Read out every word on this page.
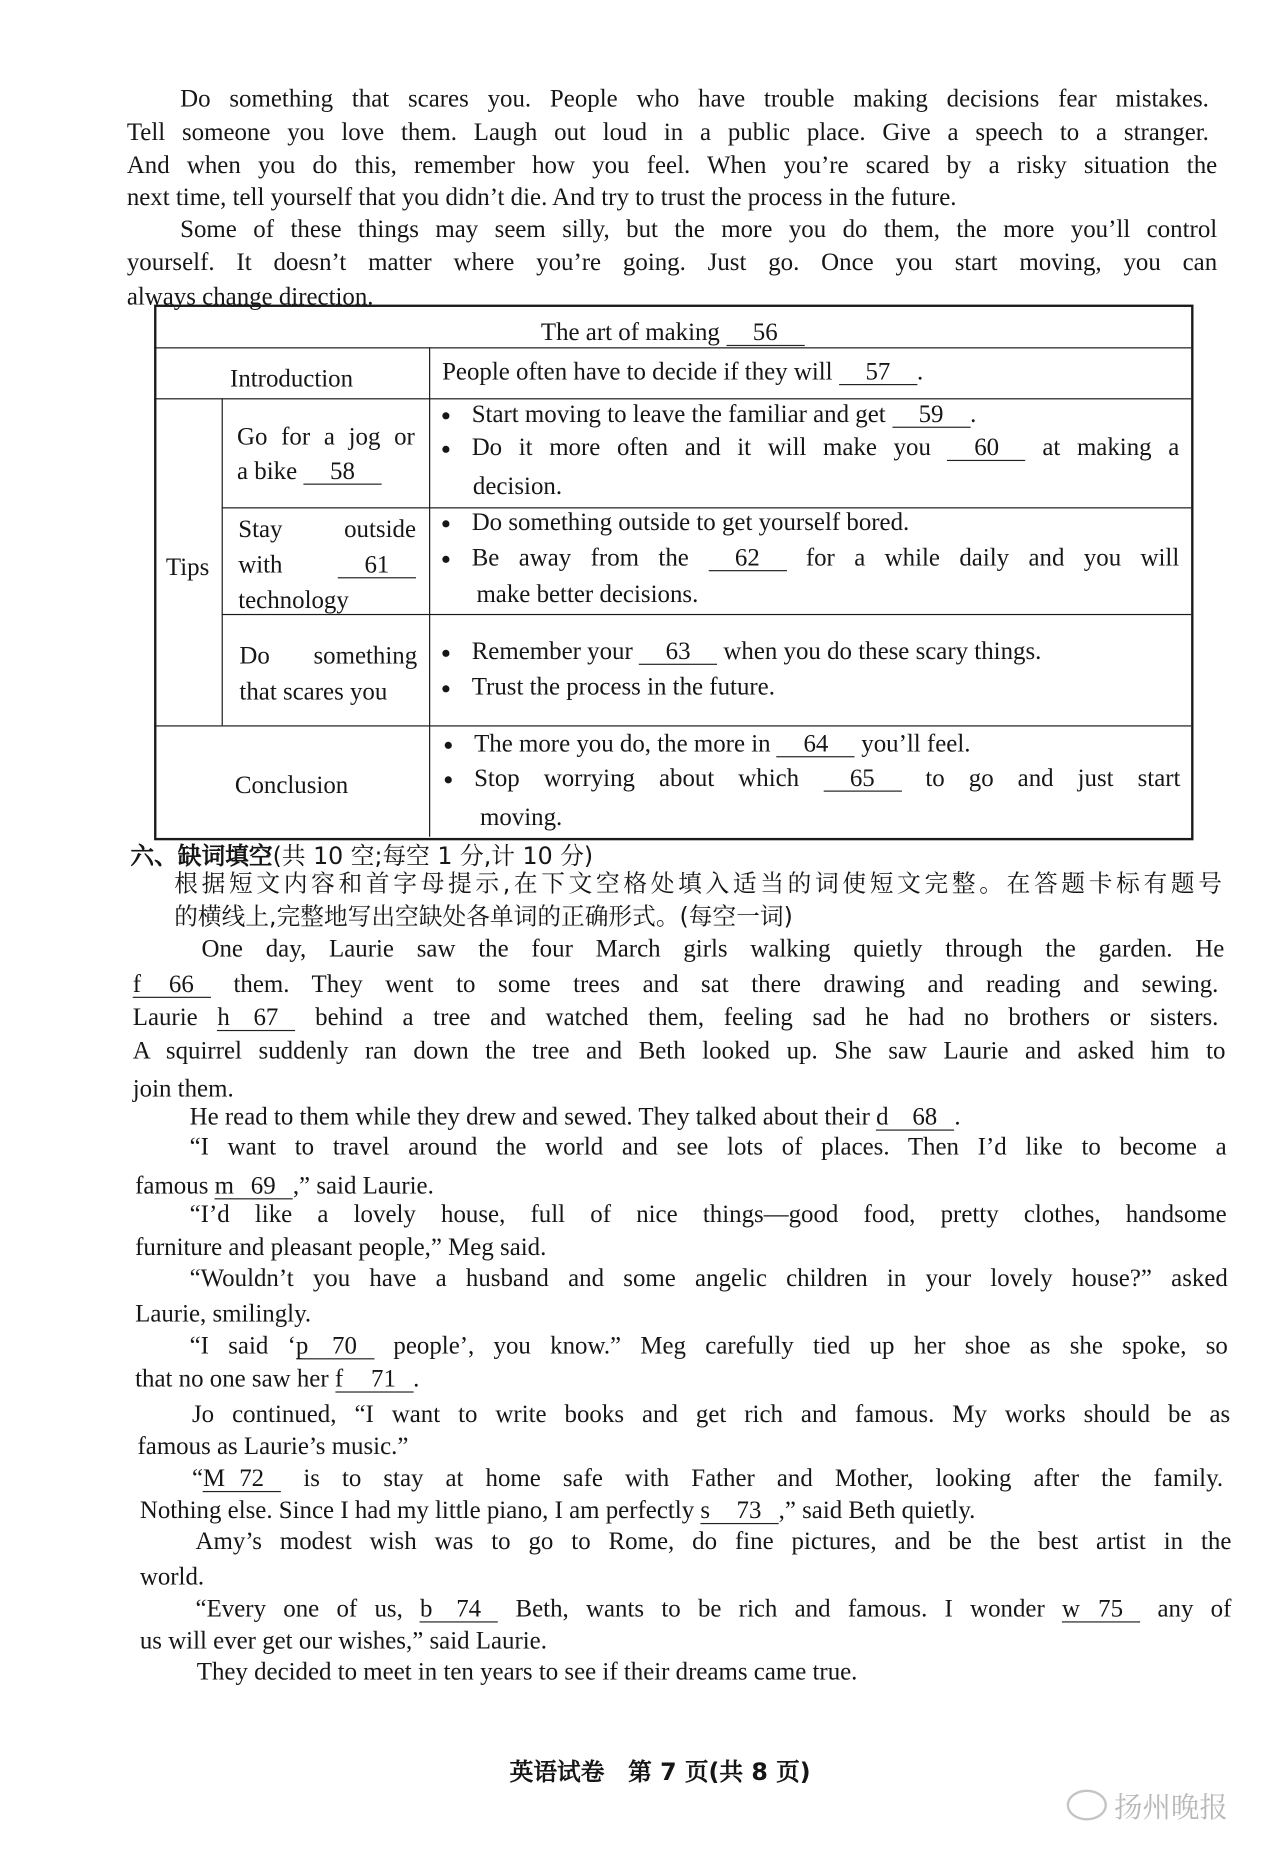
Do something that scares you. People who have trouble making decisions fear mistakes.
Tell someone you love them. Laugh out loud in a public place. Give a speech to a stranger.
And when you do this, remember how you feel. When you’re scared by a risky situation the
next time, tell yourself that you didn’t die. And try to trust the process in the future.
Some of these things may seem silly, but the more you do them, the more you’ll control
yourself. It doesn’t matter where you’re going. Just go. Once you start moving, you can
always change direction.
The art of making 56
Introduction	People often have to decide if they will 57 .
Tips
Go for a jog or
a bike 58
● Start moving to leave the familiar and get 59 .
● Do it more often and it will make you 60 at making a
decision.
Stay outside
with 61
technology
● Do something outside to get yourself bored.
● Be away from the 62 for a while daily and you will
make better decisions.
Do something
that scares you
● Remember your 63 when you do these scary things.
● Trust the process in the future.
Conclusion
● The more you do, the more in 64 you’ll feel.
● Stop worrying about which 65 to go and just start
moving.
六、缺词填空(共 10 空;每空 1 分,计 10 分)
根据短文内容和首字母提示,在下文空格处填入适当的词使短文完整。在答题卡标有题号
的横线上,完整地写出空缺处各单词的正确形式。(每空一词)
One day, Laurie saw the four March girls walking quietly through the garden. He
f 66 them. They went to some trees and sat there drawing and reading and sewing.
Laurie h 67 behind a tree and watched them, feeling sad he had no brothers or sisters.
A squirrel suddenly ran down the tree and Beth looked up. She saw Laurie and asked him to
join them.
He read to them while they drew and sewed. They talked about their d 68 .
“I want to travel around the world and see lots of places. Then I’d like to become a
famous m 69 ,” said Laurie.
“I’d like a lovely house, full of nice things—good food, pretty clothes, handsome
furniture and pleasant people,” Meg said.
“Wouldn’t you have a husband and some angelic children in your lovely house?” asked
Laurie, smilingly.
“I said ‘ p 70 people’, you know.” Meg carefully tied up her shoe as she spoke, so
that no one saw her f 71 .
Jo continued, “I want to write books and get rich and famous. My works should be as
famous as Laurie’s music.”
“ M 72 is to stay at home safe with Father and Mother, looking after the family.
Nothing else. Since I had my little piano, I am perfectly s 73 ,” said Beth quietly.
Amy’s modest wish was to go to Rome, do fine pictures, and be the best artist in the
world.
“Every one of us, b 74 Beth, wants to be rich and famous. I wonder w 75 any of
us will ever get our wishes,” said Laurie.
They decided to meet in ten years to see if their dreams came true.
英语试卷　第 7 页(共 8 页)
扬州晚报
